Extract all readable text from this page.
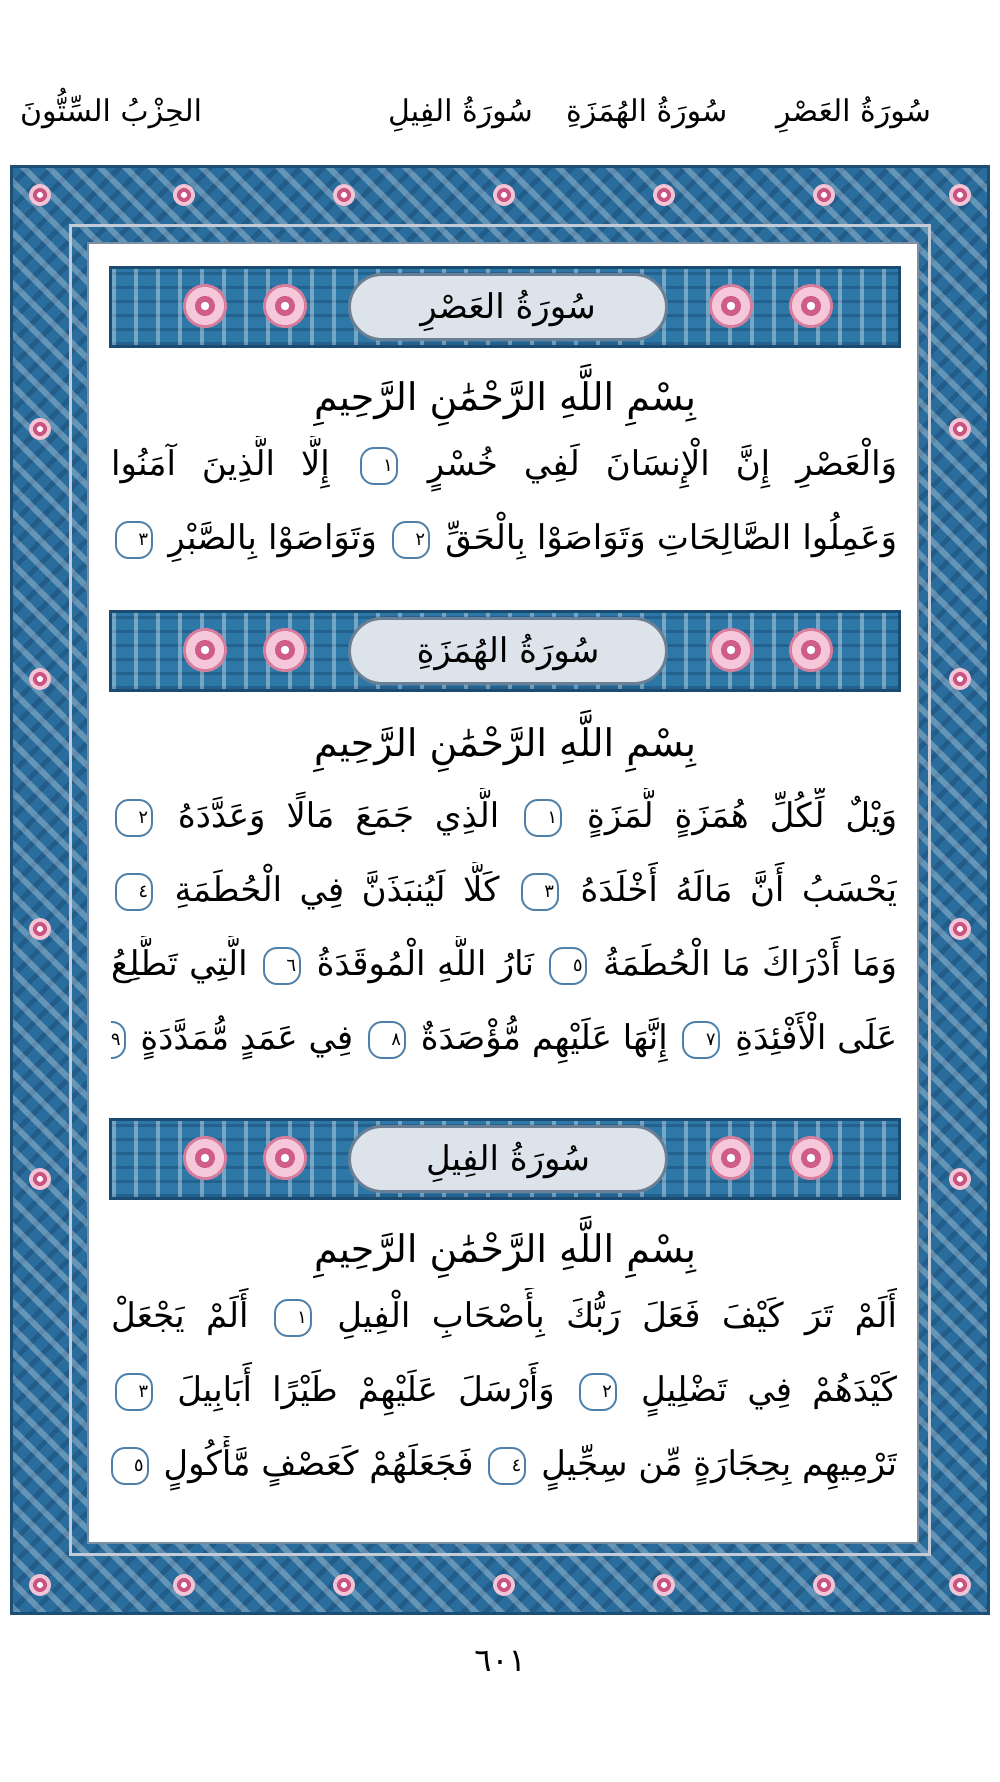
الحِزْبُ السِّتُّونَ	سُورَةُ الفِيلِ سُورَةُ الهُمَزَةِ سُورَةُ العَصْرِ
سُورَةُ العَصْرِ
بِسْمِ اللَّهِ الرَّحْمَٰنِ الرَّحِيمِ
وَالْعَصْرِ إِنَّ الْإِنسَانَ لَفِي خُسْرٍ ١ إِلَّا الَّذِينَ آمَنُوا
وَعَمِلُوا الصَّالِحَاتِ وَتَوَاصَوْا بِالْحَقِّ ٢ وَتَوَاصَوْا بِالصَّبْرِ ٣
سُورَةُ الهُمَزَةِ
بِسْمِ اللَّهِ الرَّحْمَٰنِ الرَّحِيمِ
وَيْلٌ لِّكُلِّ هُمَزَةٍ لُّمَزَةٍ ١ الَّذِي جَمَعَ مَالًا وَعَدَّدَهُ ٢
يَحْسَبُ أَنَّ مَالَهُ أَخْلَدَهُ ٣ كَلَّا لَيُنبَذَنَّ فِي الْحُطَمَةِ ٤
وَمَا أَدْرَاكَ مَا الْحُطَمَةُ ٥ نَارُ اللَّهِ الْمُوقَدَةُ ٦ الَّتِي تَطَّلِعُ
عَلَى الْأَفْئِدَةِ ٧ إِنَّهَا عَلَيْهِم مُّؤْصَدَةٌ ٨ فِي عَمَدٍ مُّمَدَّدَةٍ ٩
سُورَةُ الفِيلِ
بِسْمِ اللَّهِ الرَّحْمَٰنِ الرَّحِيمِ
أَلَمْ تَرَ كَيْفَ فَعَلَ رَبُّكَ بِأَصْحَابِ الْفِيلِ ١ أَلَمْ يَجْعَلْ
كَيْدَهُمْ فِي تَضْلِيلٍ ٢ وَأَرْسَلَ عَلَيْهِمْ طَيْرًا أَبَابِيلَ ٣
تَرْمِيهِم بِحِجَارَةٍ مِّن سِجِّيلٍ ٤ فَجَعَلَهُمْ كَعَصْفٍ مَّأْكُولٍ ٥
٦٠١
